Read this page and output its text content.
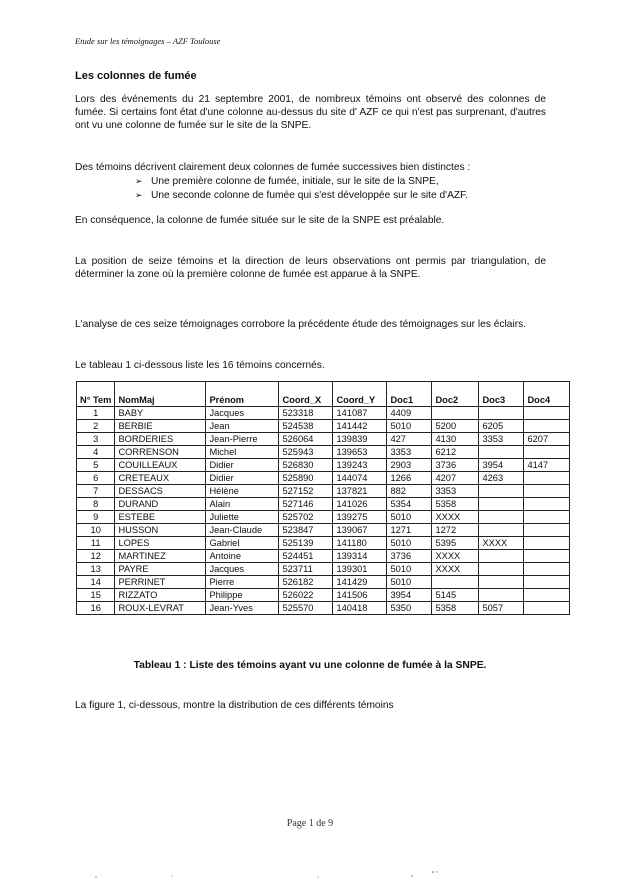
Etude sur les témoignages – AZF Toulouse
Les colonnes de fumée
Lors des événements du 21 septembre 2001, de nombreux témoins ont observé des colonnes de fumée. Si certains font état d'une colonne au-dessus du site d' AZF ce qui n'est pas surprenant, d'autres ont vu une colonne de fumée sur le site de la SNPE.
Des témoins décrivent clairement deux colonnes de fumée successives bien distinctes :
➢ Une première colonne de fumée, initiale, sur le site de la SNPE,
➢ Une seconde colonne de fumée qui s'est développée sur le site d'AZF.
En conséquence, la colonne de fumée située sur le site de la SNPE est préalable.
La position de seize témoins et la direction de leurs observations ont permis par triangulation, de déterminer la zone où la première colonne de fumée est apparue à la SNPE.
L'analyse de ces seize témoignages corrobore la précédente étude des témoignages sur les éclairs.
Le tableau 1 ci-dessous liste les 16 témoins concernés.
N° Tem	NomMaj	Prénom	Coord_X	Coord_Y	Doc1	Doc2	Doc3	Doc4
1	BABY	Jacques	523318	141087	4409			
2	BERBIE	Jean	524538	141442	5010	5200	6205	
3	BORDERIES	Jean-Pierre	526064	139839	427	4130	3353	6207
4	CORRENSON	Michel	525943	139653	3353	6212		
5	COUILLEAUX	Didier	526830	139243	2903	3736	3954	4147
6	CRETEAUX	Didier	525890	144074	1266	4207	4263	
7	DESSACS	Hélène	527152	137821	882	3353		
8	DURAND	Alain	527146	141026	5354	5358		
9	ESTEBE	Juliette	525702	139275	5010	XXXX		
10	HUSSON	Jean-Claude	523847	139067	1271	1272		
11	LOPES	Gabriel	525139	141180	5010	5395	XXXX	
12	MARTINEZ	Antoine	524451	139314	3736	XXXX		
13	PAYRE	Jacques	523711	139301	5010	XXXX		
14	PERRINET	Pierre	526182	141429	5010			
15	RIZZATO	Philippe	526022	141506	3954	5145		
16	ROUX-LEVRAT	Jean-Yves	525570	140418	5350	5358	5057	
Tableau 1 : Liste des témoins ayant vu une colonne de fumée à la SNPE.
La figure 1, ci-dessous, montre la distribution de ces différents témoins
Page 1 de 9
